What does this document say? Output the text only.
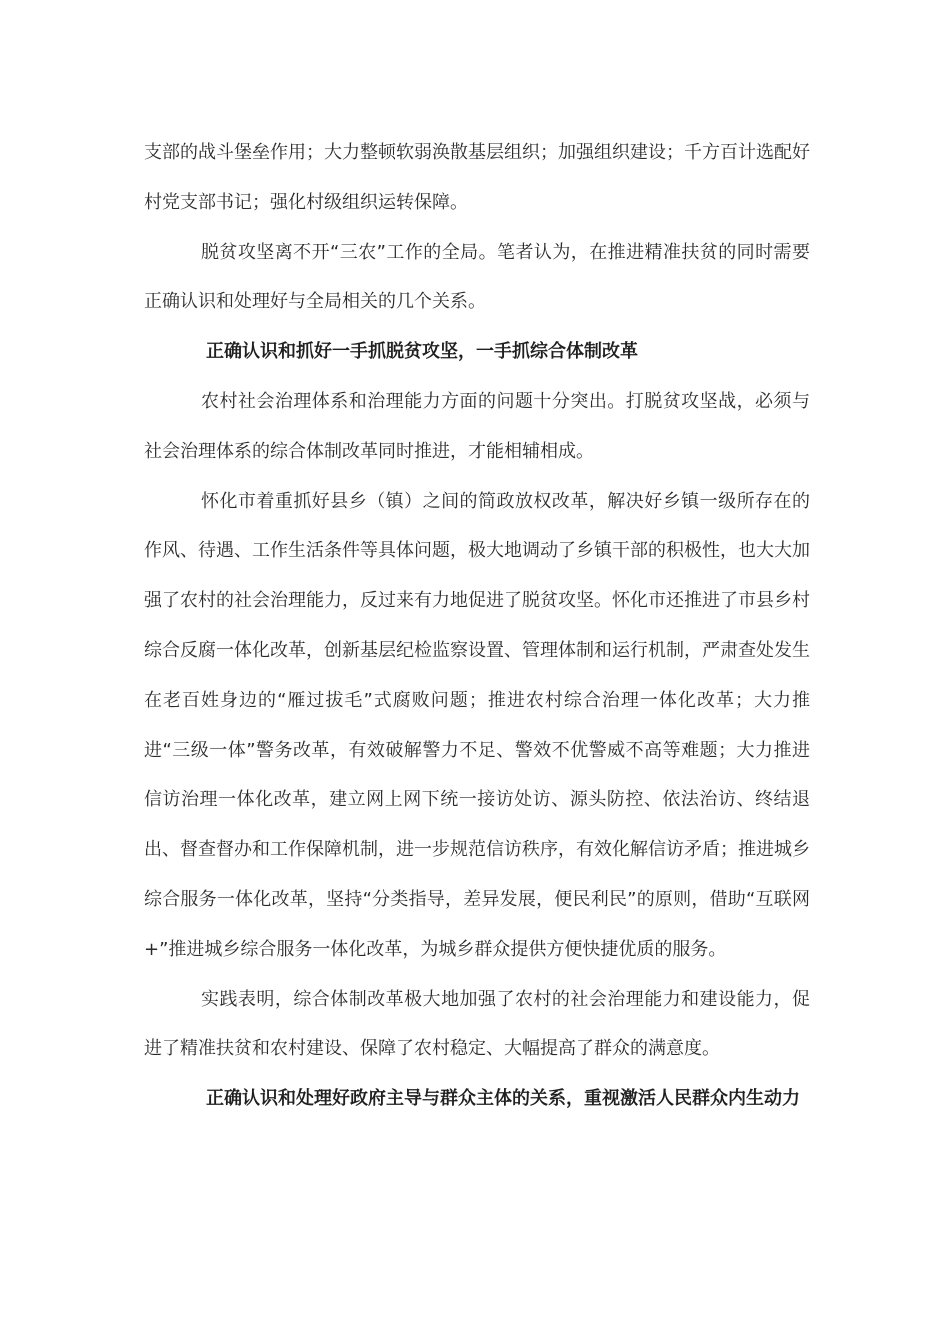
支部的战斗堡垒作用；大力整顿软弱涣散基层组织；加强组织建设；千方百计选配好村党支部书记；强化村级组织运转保障。

脱贫攻坚离不开“三农”工作的全局。笔者认为，在推进精准扶贫的同时需要正确认识和处理好与全局相关的几个关系。

正确认识和抓好一手抓脱贫攻坚，一手抓综合体制改革

农村社会治理体系和治理能力方面的问题十分突出。打脱贫攻坚战，必须与社会治理体系的综合体制改革同时推进，才能相辅相成。

怀化市着重抓好县乡（镇）之间的简政放权改革，解决好乡镇一级所存在的作风、待遇、工作生活条件等具体问题，极大地调动了乡镇干部的积极性，也大大加强了农村的社会治理能力，反过来有力地促进了脱贫攻坚。怀化市还推进了市县乡村综合反腐一体化改革，创新基层纪检监察设置、管理体制和运行机制，严肃查处发生在老百姓身边的“雁过拔毛”式腐败问题；推进农村综合治理一体化改革；大力推进“三级一体”警务改革，有效破解警力不足、警效不优警威不高等难题；大力推进信访治理一体化改革，建立网上网下统一接访处访、源头防控、依法治访、终结退出、督查督办和工作保障机制，进一步规范信访秩序，有效化解信访矛盾；推进城乡综合服务一体化改革，坚持“分类指导，差异发展，便民利民”的原则，借助“互联网+”推进城乡综合服务一体化改革，为城乡群众提供方便快捷优质的服务。

实践表明，综合体制改革极大地加强了农村的社会治理能力和建设能力，促进了精准扶贫和农村建设、保障了农村稳定、大幅提高了群众的满意度。

正确认识和处理好政府主导与群众主体的关系，重视激活人民群众内生动力
